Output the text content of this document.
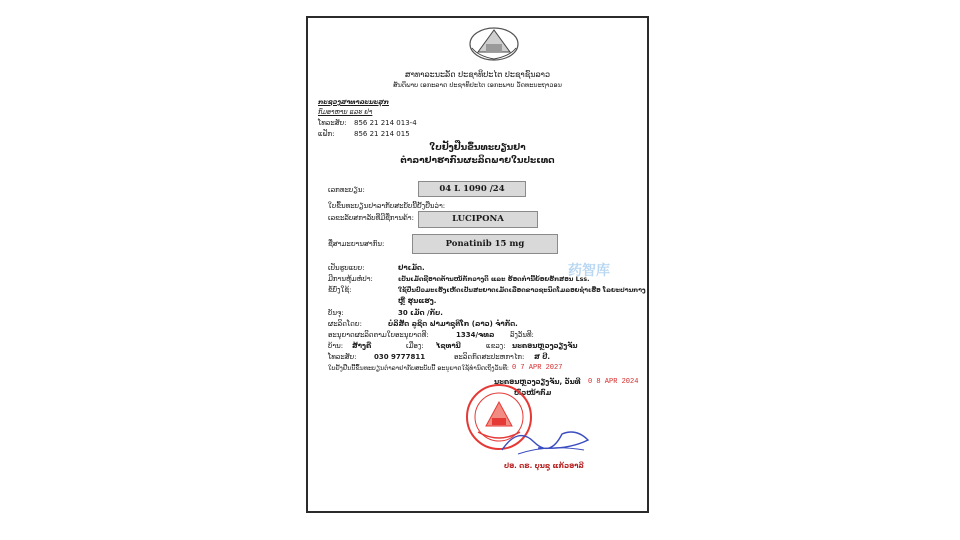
ສາທາລະນະລັດ ປະຊາທິປະໄຕ ປະຊາຊົນລາວ
ສັນຕິພາບ ເອກະລາດ ປະຊາທິປະໄຕ ເອກະພາບ ວັດທະນະຖາວອນ
ກະຊວງສາທາລະນະສຸກ
ກົມອາຫານ ແລະ ຢາ
ໂທລະສັບ: 856 21 214 013-4
ແຟັກ:	856 21 214 015
ໃບຢັ້ງຢືນຂຶ້ນທະບຽນຢາ
ຕຳລາຢາຮາກົນຜະລິດພາຍໃນປະເທດ
ເລກທະບຽນ:	04 L 1090 /24
ໃບຂຶ້ນທະບຽນຢາລາກັບສະບັບນີ້ຢັ້ງຢືນວ່າ:
ເລຂະລັບສກາລັບທີ່ມີຊື່ການຄ້າ:	LUCIPONA
ຊື່ສາມະຍານສາກົນ:	Ponatinib 15 mg
ເປັນຮູບແບບ:	ຢາເມັດ.
ມີການຫຸ້ມຫໍ່ປາ:	ເປັນເມັດຊີອາດຕ້ານໜ້ກັກວາງດິ ແລະ ຮ້ອດກຳນີ້ຍ້ອຍຮັກສອນ Lss.
ຂໍ້ບົ່ງໃຊ້:	ໃຊ້ປິ່ນປົວມະເຮັງເຫັດເປັນສະຍາດເມັດເລືອດຂາວຊະນິດໂມລອຍຊໍາເຮື່ອ ໂລຍະປານກາງ
ຫຼື ຮຸນແຮງ.
ບັນຈຸ:	30 ເມັດ /ກັບ.
ຜະລິດໂດຍ:	ບໍລິສັດ ລູຊິດ ຟາມາຊູຕິໂກ (ລາວ) ຈຳກັດ.
ອະນຸຍາດຜະລິດຕາມໃບອະນຸຍາດທີ:	1334/ຈທລ ລົງວັນທີ:
ບ້ານ: ສ້າງຄື	ເມືອງ: ໄຊທານີ	ແຂວງ: ນະຄອນຫຼວງວຽງຈັນ
ໂທລະສັບ:	030 9777811	ອະລິດກົດສະປະຫກາໄກ: ສ ປີ.
ໃບຢັ້ງຢືນນີ້ຂຶ້ນທະບຽນຕຳລາຢາກັບສະບັບນີ້ ອະນຸຍາດໃຊ້ທຳນົດເຖິງວັນທີ: 0 7 APR 2027
ນະຄອນຫຼວງວຽງຈັນ, ວັນທີ 0 8 APR 2024
ຫົວໜ້າກົມ
ປອ. ດຣ. ບຸນຊູ ແກ້ວອາລີ
药智库
